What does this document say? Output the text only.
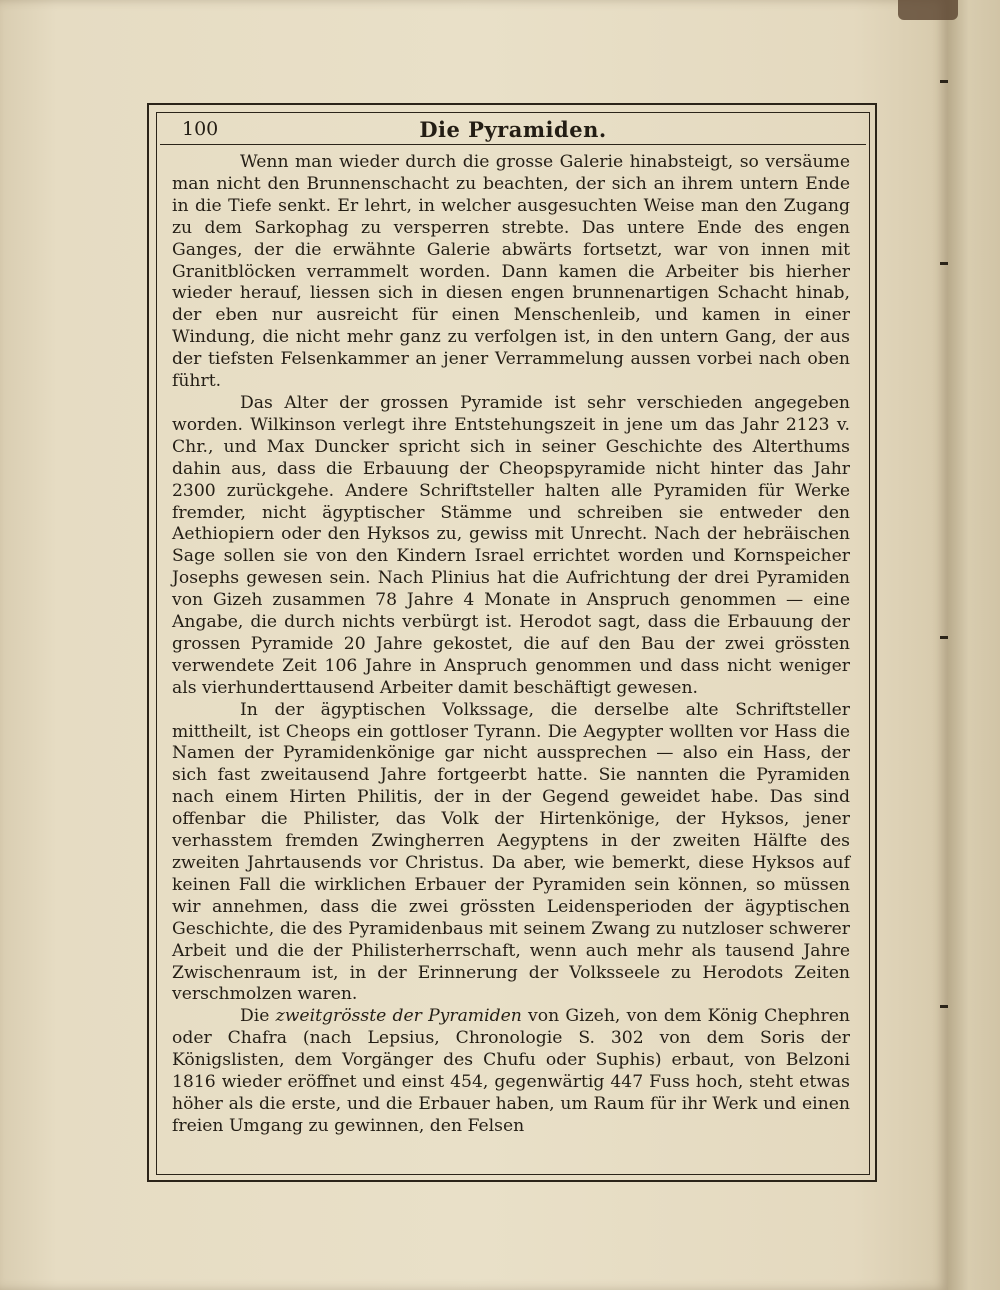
100	Die Pyramiden.

Wenn man wieder durch die grosse Galerie hinabsteigt, so versäume man nicht den Brunnenschacht zu beachten, der sich an ihrem untern Ende in die Tiefe senkt. Er lehrt, in welcher ausgesuchten Weise man den Zugang zu dem Sarkophag zu versperren strebte. Das untere Ende des engen Ganges, der die erwähnte Galerie abwärts fortsetzt, war von innen mit Granitblöcken verrammelt worden. Dann kamen die Arbeiter bis hierher wieder herauf, liessen sich in diesen engen brunnenartigen Schacht hinab, der eben nur ausreicht für einen Menschenleib, und kamen in einer Windung, die nicht mehr ganz zu verfolgen ist, in den untern Gang, der aus der tiefsten Felsenkammer an jener Verrammelung aussen vorbei nach oben führt.

Das Alter der grossen Pyramide ist sehr verschieden angegeben worden. Wilkinson verlegt ihre Entstehungszeit in jene um das Jahr 2123 v. Chr., und Max Duncker spricht sich in seiner Geschichte des Alterthums dahin aus, dass die Erbauung der Cheopspyramide nicht hinter das Jahr 2300 zurückgehe. Andere Schriftsteller halten alle Pyramiden für Werke fremder, nicht ägyptischer Stämme und schreiben sie entweder den Aethiopiern oder den Hyksos zu, gewiss mit Unrecht. Nach der hebräischen Sage sollen sie von den Kindern Israel errichtet worden und Kornspeicher Josephs gewesen sein. Nach Plinius hat die Aufrichtung der drei Pyramiden von Gizeh zusammen 78 Jahre 4 Monate in Anspruch genommen — eine Angabe, die durch nichts verbürgt ist. Herodot sagt, dass die Erbauung der grossen Pyramide 20 Jahre gekostet, die auf den Bau der zwei grössten verwendete Zeit 106 Jahre in Anspruch genommen und dass nicht weniger als vierhunderttausend Arbeiter damit beschäftigt gewesen.

In der ägyptischen Volkssage, die derselbe alte Schriftsteller mittheilt, ist Cheops ein gottloser Tyrann. Die Aegypter wollten vor Hass die Namen der Pyramidenkönige gar nicht aussprechen — also ein Hass, der sich fast zweitausend Jahre fortgeerbt hatte. Sie nannten die Pyramiden nach einem Hirten Philitis, der in der Gegend geweidet habe. Das sind offenbar die Philister, das Volk der Hirtenkönige, der Hyksos, jener verhasstem fremden Zwingherren Aegyptens in der zweiten Hälfte des zweiten Jahrtausends vor Christus. Da aber, wie bemerkt, diese Hyksos auf keinen Fall die wirklichen Erbauer der Pyramiden sein können, so müssen wir annehmen, dass die zwei grössten Leidensperioden der ägyptischen Geschichte, die des Pyramidenbaus mit seinem Zwang zu nutzloser schwerer Arbeit und die der Philisterherrschaft, wenn auch mehr als tausend Jahre Zwischenraum ist, in der Erinnerung der Volksseele zu Herodots Zeiten verschmolzen waren.

Die zweitgrösste der Pyramiden von Gizeh, von dem König Chephren oder Chafra (nach Lepsius, Chronologie S. 302 von dem Soris der Königslisten, dem Vorgänger des Chufu oder Suphis) erbaut, von Belzoni 1816 wieder eröffnet und einst 454, gegenwärtig 447 Fuss hoch, steht etwas höher als die erste, und die Erbauer haben, um Raum für ihr Werk und einen freien Umgang zu gewinnen, den Felsen
